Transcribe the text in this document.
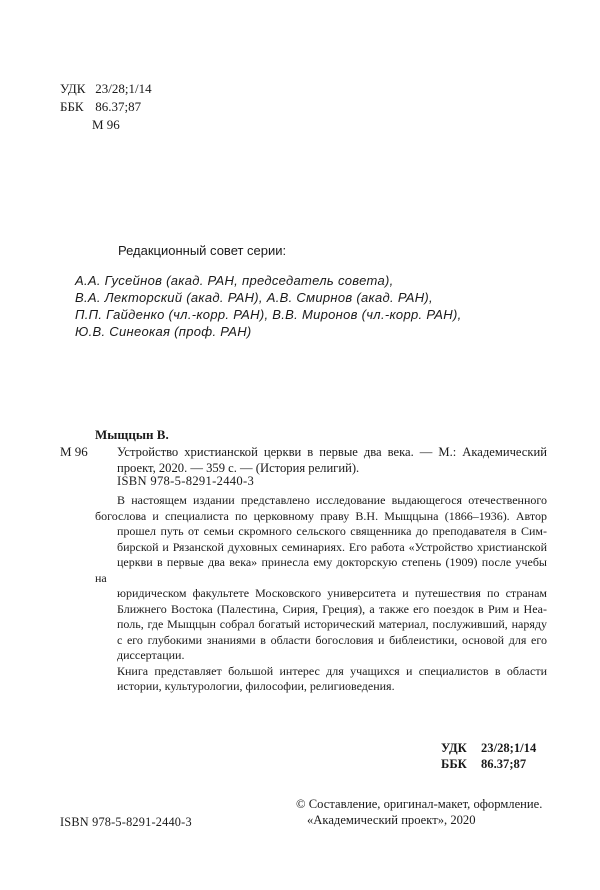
УДК 23/28;1/14
ББК 86.37;87
М 96
Редакционный совет серии:
А.А. Гусейнов (акад. РАН, председатель совета),
В.А. Лекторский (акад. РАН), А.В. Смирнов (акад. РАН),
П.П. Гайденко (чл.-корр. РАН), В.В. Миронов (чл.-корр. РАН),
Ю.В. Синеокая (проф. РАН)
Мыщцын В.
М 96 Устройство христианской церкви в первые два века. — М.: Академический проект, 2020. — 359 с. — (История религий).
ISBN 978-5-8291-2440-3

В настоящем издании представлено исследование выдающегося отечественного
богослова и специалиста по церковному праву В.Н. Мыщцына (1866–1936). Автор
прошел путь от семьи скромного сельского священника до преподавателя в Сим-
бирской и Рязанской духовных семинариях. Его работа «Устройство христианской
церкви в первые два века» принесла ему докторскую степень (1909) после учебы на
юридическом факультете Московского университета и путешествия по странам
Ближнего Востока (Палестина, Сирия, Греция), а также его поездок в Рим и Неа-
поль, где Мыщцын собрал богатый исторический материал, послуживший, наряду
с его глубокими знаниями в области богословия и библеистики, основой для его
диссертации.

Книга представляет большой интерес для учащихся и специалистов в области
истории, культурологии, философии, религиоведения.

УДК 23/28;1/14
ББК 86.37;87
ISBN 978-5-8291-2440-3
© Составление, оригинал-макет, оформление.
«Академический проект», 2020
